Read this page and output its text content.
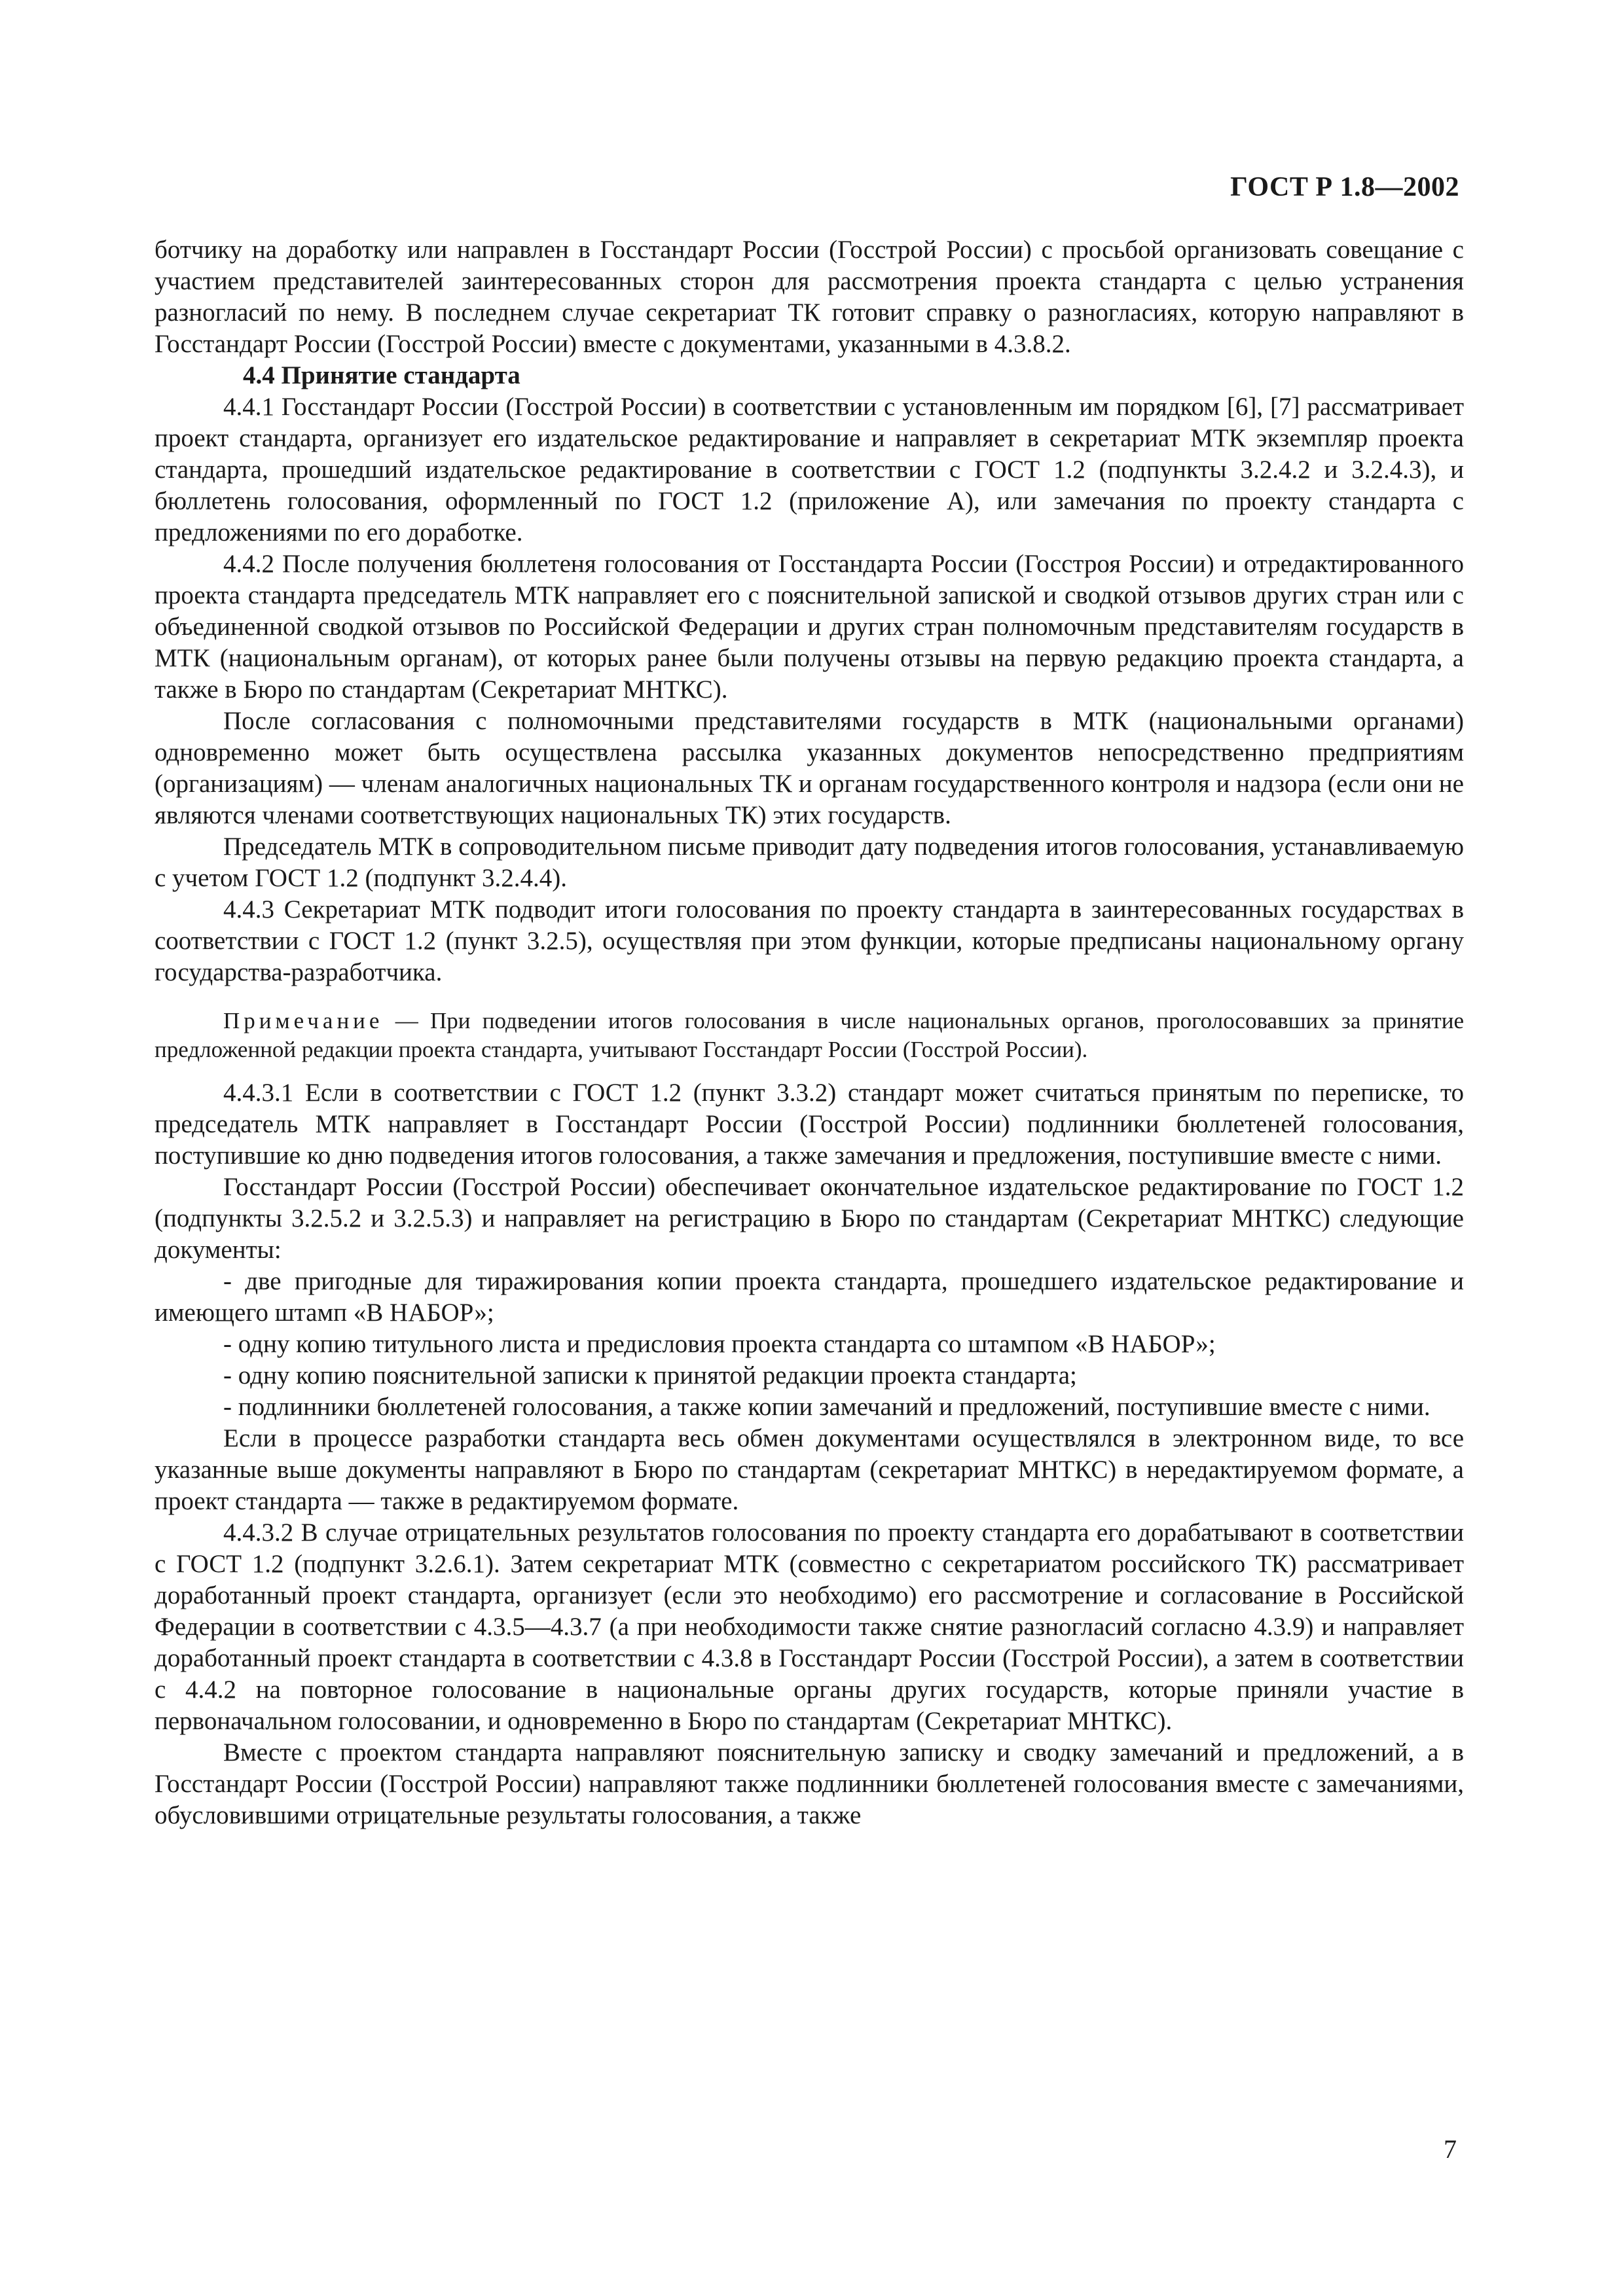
ГОСТ Р 1.8—2002

ботчику на доработку или направлен в Госстандарт России (Госстрой России) с просьбой организовать совещание с участием представителей заинтересованных сторон для рассмотрения проекта стандарта с целью устранения разногласий по нему. В последнем случае секретариат ТК готовит справку о разногласиях, которую направляют в Госстандарт России (Госстрой России) вместе с документами, указанными в 4.3.8.2.

4.4 Принятие стандарта

4.4.1 Госстандарт России (Госстрой России) в соответствии с установленным им порядком [6], [7] рассматривает проект стандарта, организует его издательское редактирование и направляет в секретариат МТК экземпляр проекта стандарта, прошедший издательское редактирование в соответствии с ГОСТ 1.2 (подпункты 3.2.4.2 и 3.2.4.3), и бюллетень голосования, оформленный по ГОСТ 1.2 (приложение А), или замечания по проекту стандарта с предложениями по его доработке.

4.4.2 После получения бюллетеня голосования от Госстандарта России (Госстроя России) и отредактированного проекта стандарта председатель МТК направляет его с пояснительной запиской и сводкой отзывов других стран или с объединенной сводкой отзывов по Российской Федерации и других стран полномочным представителям государств в МТК (национальным органам), от которых ранее были получены отзывы на первую редакцию проекта стандарта, а также в Бюро по стандартам (Секретариат МНТКС).

После согласования с полномочными представителями государств в МТК (национальными органами) одновременно может быть осуществлена рассылка указанных документов непосредственно предприятиям (организациям) — членам аналогичных национальных ТК и органам государственного контроля и надзора (если они не являются членами соответствующих национальных ТК) этих государств.

Председатель МТК в сопроводительном письме приводит дату подведения итогов голосования, устанавливаемую с учетом ГОСТ 1.2 (подпункт 3.2.4.4).

4.4.3 Секретариат МТК подводит итоги голосования по проекту стандарта в заинтересованных государствах в соответствии с ГОСТ 1.2 (пункт 3.2.5), осуществляя при этом функции, которые предписаны национальному органу государства-разработчика.

Примечание — При подведении итогов голосования в числе национальных органов, проголосовавших за принятие предложенной редакции проекта стандарта, учитывают Госстандарт России (Госстрой России).

4.4.3.1 Если в соответствии с ГОСТ 1.2 (пункт 3.3.2) стандарт может считаться принятым по переписке, то председатель МТК направляет в Госстандарт России (Госстрой России) подлинники бюллетеней голосования, поступившие ко дню подведения итогов голосования, а также замечания и предложения, поступившие вместе с ними.

Госстандарт России (Госстрой России) обеспечивает окончательное издательское редактирование по ГОСТ 1.2 (подпункты 3.2.5.2 и 3.2.5.3) и направляет на регистрацию в Бюро по стандартам (Секретариат МНТКС) следующие документы:

- две пригодные для тиражирования копии проекта стандарта, прошедшего издательское редактирование и имеющего штамп «В НАБОР»;

- одну копию титульного листа и предисловия проекта стандарта со штампом «В НАБОР»;

- одну копию пояснительной записки к принятой редакции проекта стандарта;

- подлинники бюллетеней голосования, а также копии замечаний и предложений, поступившие вместе с ними.

Если в процессе разработки стандарта весь обмен документами осуществлялся в электронном виде, то все указанные выше документы направляют в Бюро по стандартам (секретариат МНТКС) в нередактируемом формате, а проект стандарта — также в редактируемом формате.

4.4.3.2 В случае отрицательных результатов голосования по проекту стандарта его дорабатывают в соответствии с ГОСТ 1.2 (подпункт 3.2.6.1). Затем секретариат МТК (совместно с секретариатом российского ТК) рассматривает доработанный проект стандарта, организует (если это необходимо) его рассмотрение и согласование в Российской Федерации в соответствии с 4.3.5—4.3.7 (а при необходимости также снятие разногласий согласно 4.3.9) и направляет доработанный проект стандарта в соответствии с 4.3.8 в Госстандарт России (Госстрой России), а затем в соответствии с 4.4.2 на повторное голосование в национальные органы других государств, которые приняли участие в первоначальном голосовании, и одновременно в Бюро по стандартам (Секретариат МНТКС).

Вместе с проектом стандарта направляют пояснительную записку и сводку замечаний и предложений, а в Госстандарт России (Госстрой России) направляют также подлинники бюллетеней голосования вместе с замечаниями, обусловившими отрицательные результаты голосования, а также

7
